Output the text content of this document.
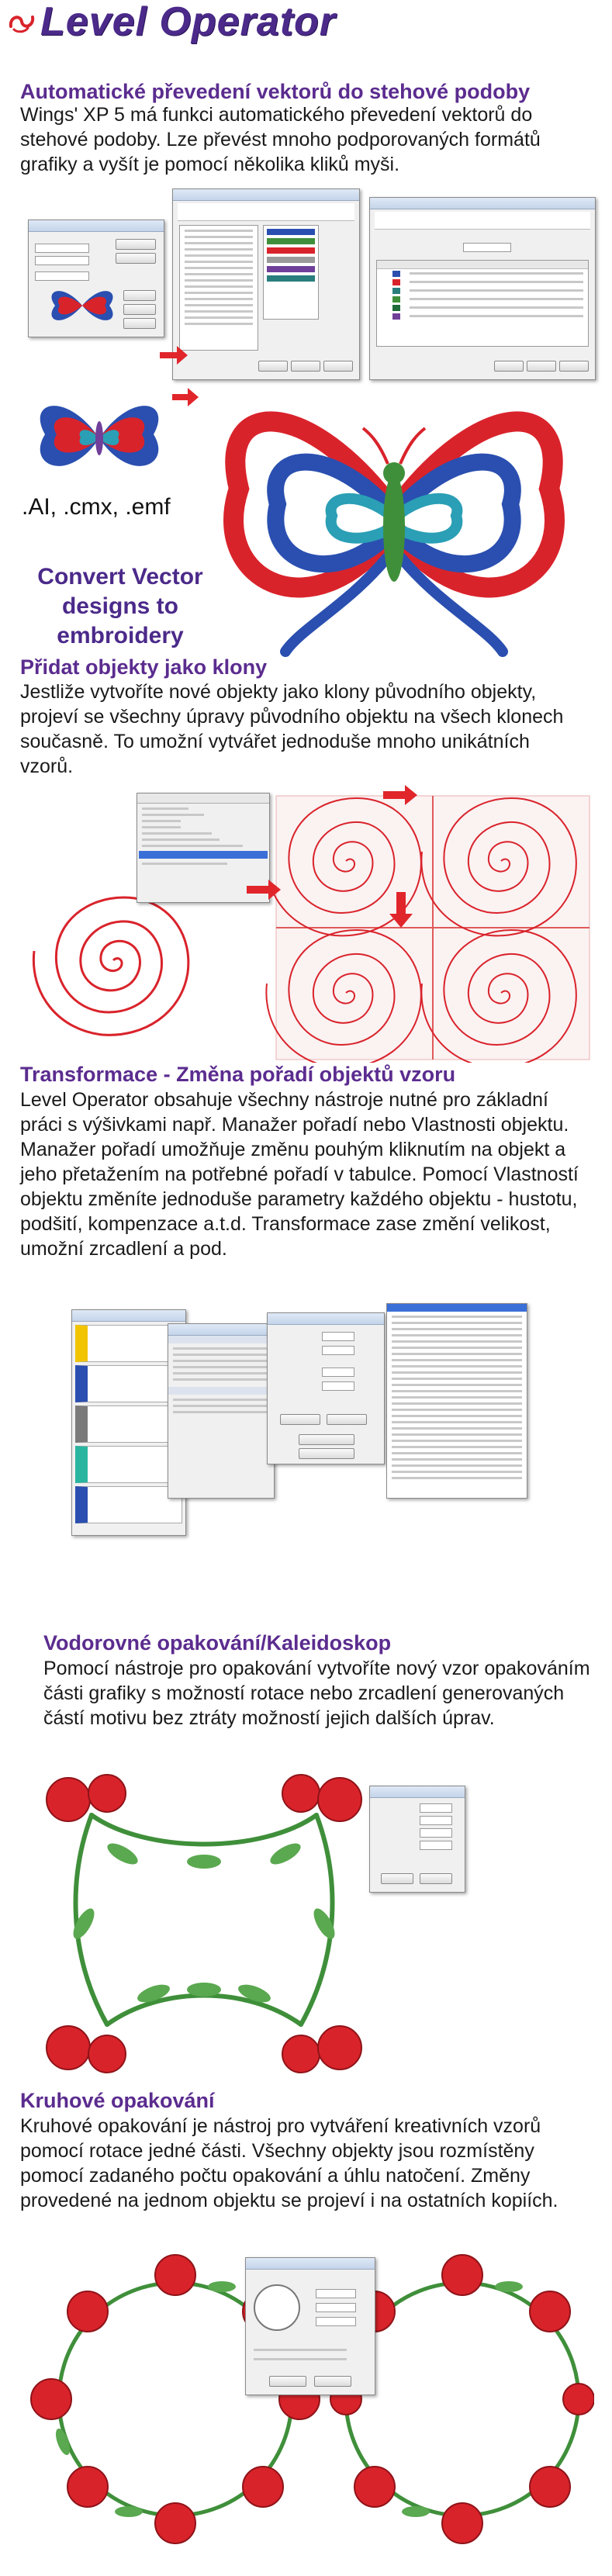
Level Operator
Automatické převedení vektorů do stehové podoby
Wings' XP 5 má funkci automatického převedení vektorů do stehové podoby. Lze převést mnoho podporovaných formátů grafiky a vyšít je pomocí několika kliků myši.
.AI, .cmx, .emf
Convert Vector
designs to embroidery
Přidat objekty jako klony
Jestliže vytvoříte nové objekty jako klony původního objekty, projeví se všechny úpravy původního objektu na všech klonech současně. To umožní vytvářet jednoduše mnoho unikátních vzorů.
Transformace - Změna pořadí objektů vzoru
Level Operator obsahuje všechny nástroje nutné pro základní práci s výšivkami např. Manažer pořadí nebo Vlastnosti objektu. Manažer pořadí umožňuje změnu pouhým kliknutím na objekt a jeho přetažením na potřebné pořadí v tabulce. Pomocí Vlastností objektu změníte jednoduše parametry každého objektu - hustotu, podšití, kompenzace a.t.d. Transformace zase změní velikost, umožní zrcadlení a pod.
Vodorovné opakování/Kaleidoskop
Pomocí nástroje pro opakování vytvoříte nový vzor opakováním části grafiky s možností rotace nebo zrcadlení generovaných částí motivu bez ztráty možností jejich dalších úprav.
Kruhové opakování
Kruhové opakování je nástroj pro vytváření kreativních vzorů pomocí rotace jedné části. Všechny objekty jsou rozmístěny pomocí zadaného počtu opakování a úhlu natočení. Změny provedené na jednom objektu se projeví i na ostatních kopiích.
